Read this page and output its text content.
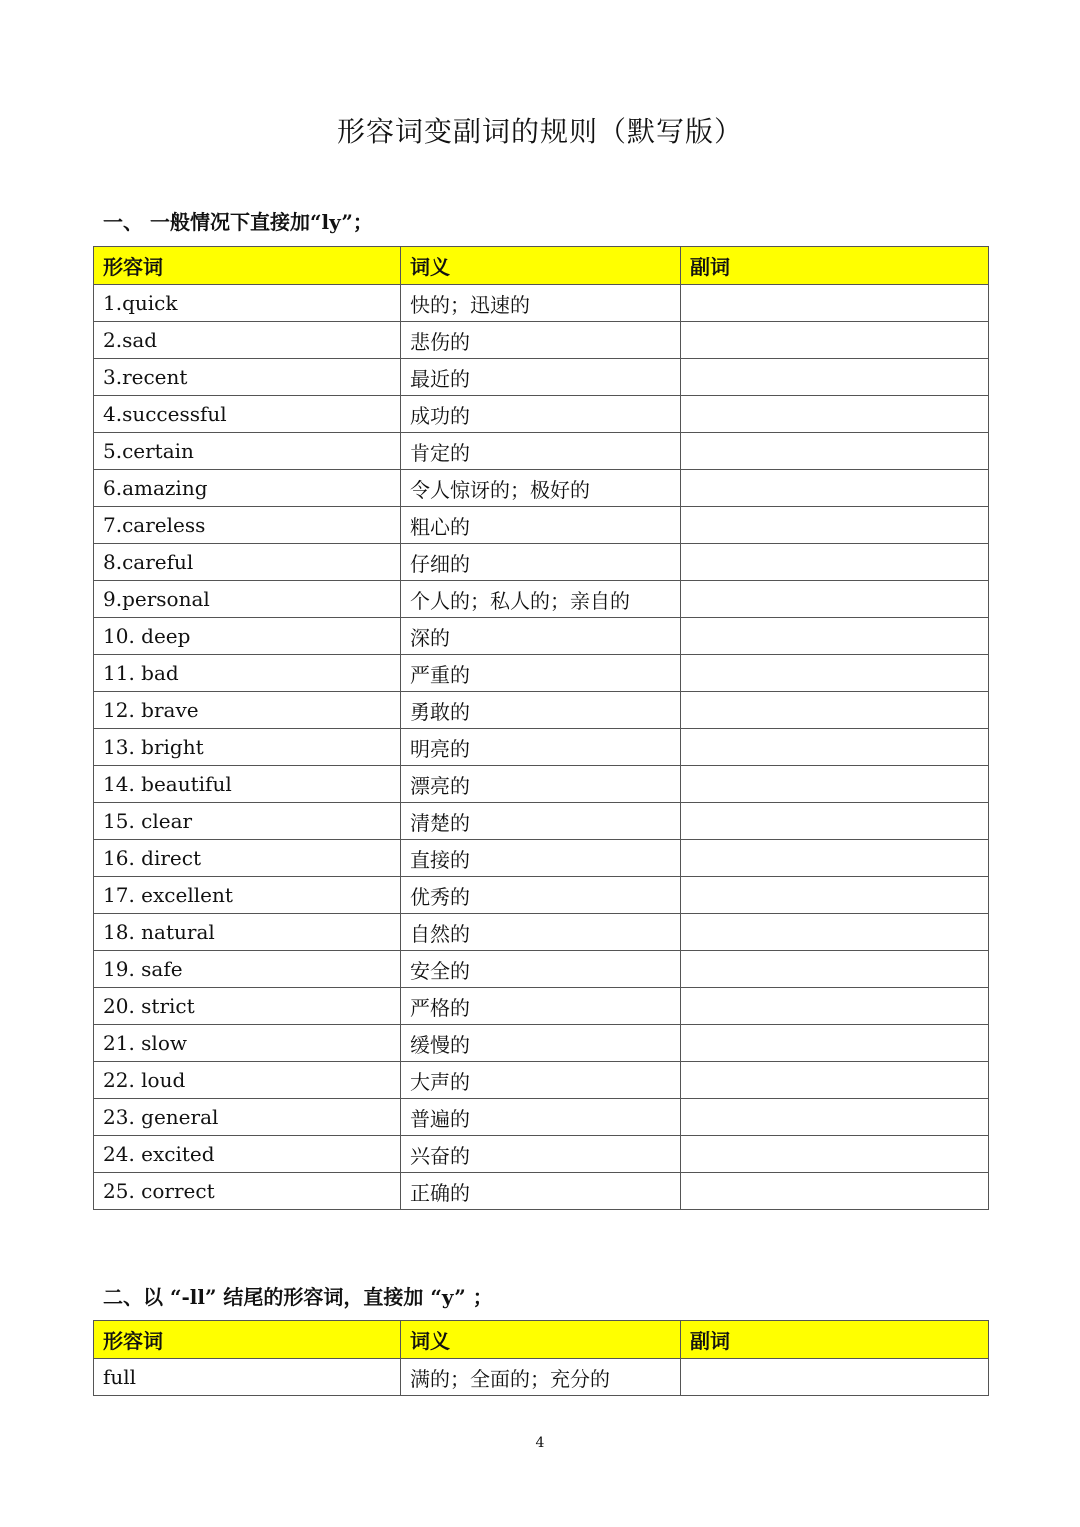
形容词变副词的规则（默写版）
一、 一般情况下直接加“ly”；
形容词	词义	副词
1.quick	快的；迅速的	
2.sad	悲伤的	
3.recent	最近的	
4.successful	成功的	
5.certain	肯定的	
6.amazing	令人惊讶的；极好的	
7.careless	粗心的	
8.careful	仔细的	
9.personal	个人的；私人的；亲自的	
10. deep	深的	
11. bad	严重的	
12. brave	勇敢的	
13. bright	明亮的	
14. beautiful	漂亮的	
15. clear	清楚的	
16. direct	直接的	
17. excellent	优秀的	
18. natural	自然的	
19. safe	安全的	
20. strict	严格的	
21. slow	缓慢的	
22. loud	大声的	
23. general	普遍的	
24. excited	兴奋的	
25. correct	正确的	
二、以 “-ll” 结尾的形容词，直接加 “y” ；
形容词	词义	副词
full	满的；全面的；充分的	
4
